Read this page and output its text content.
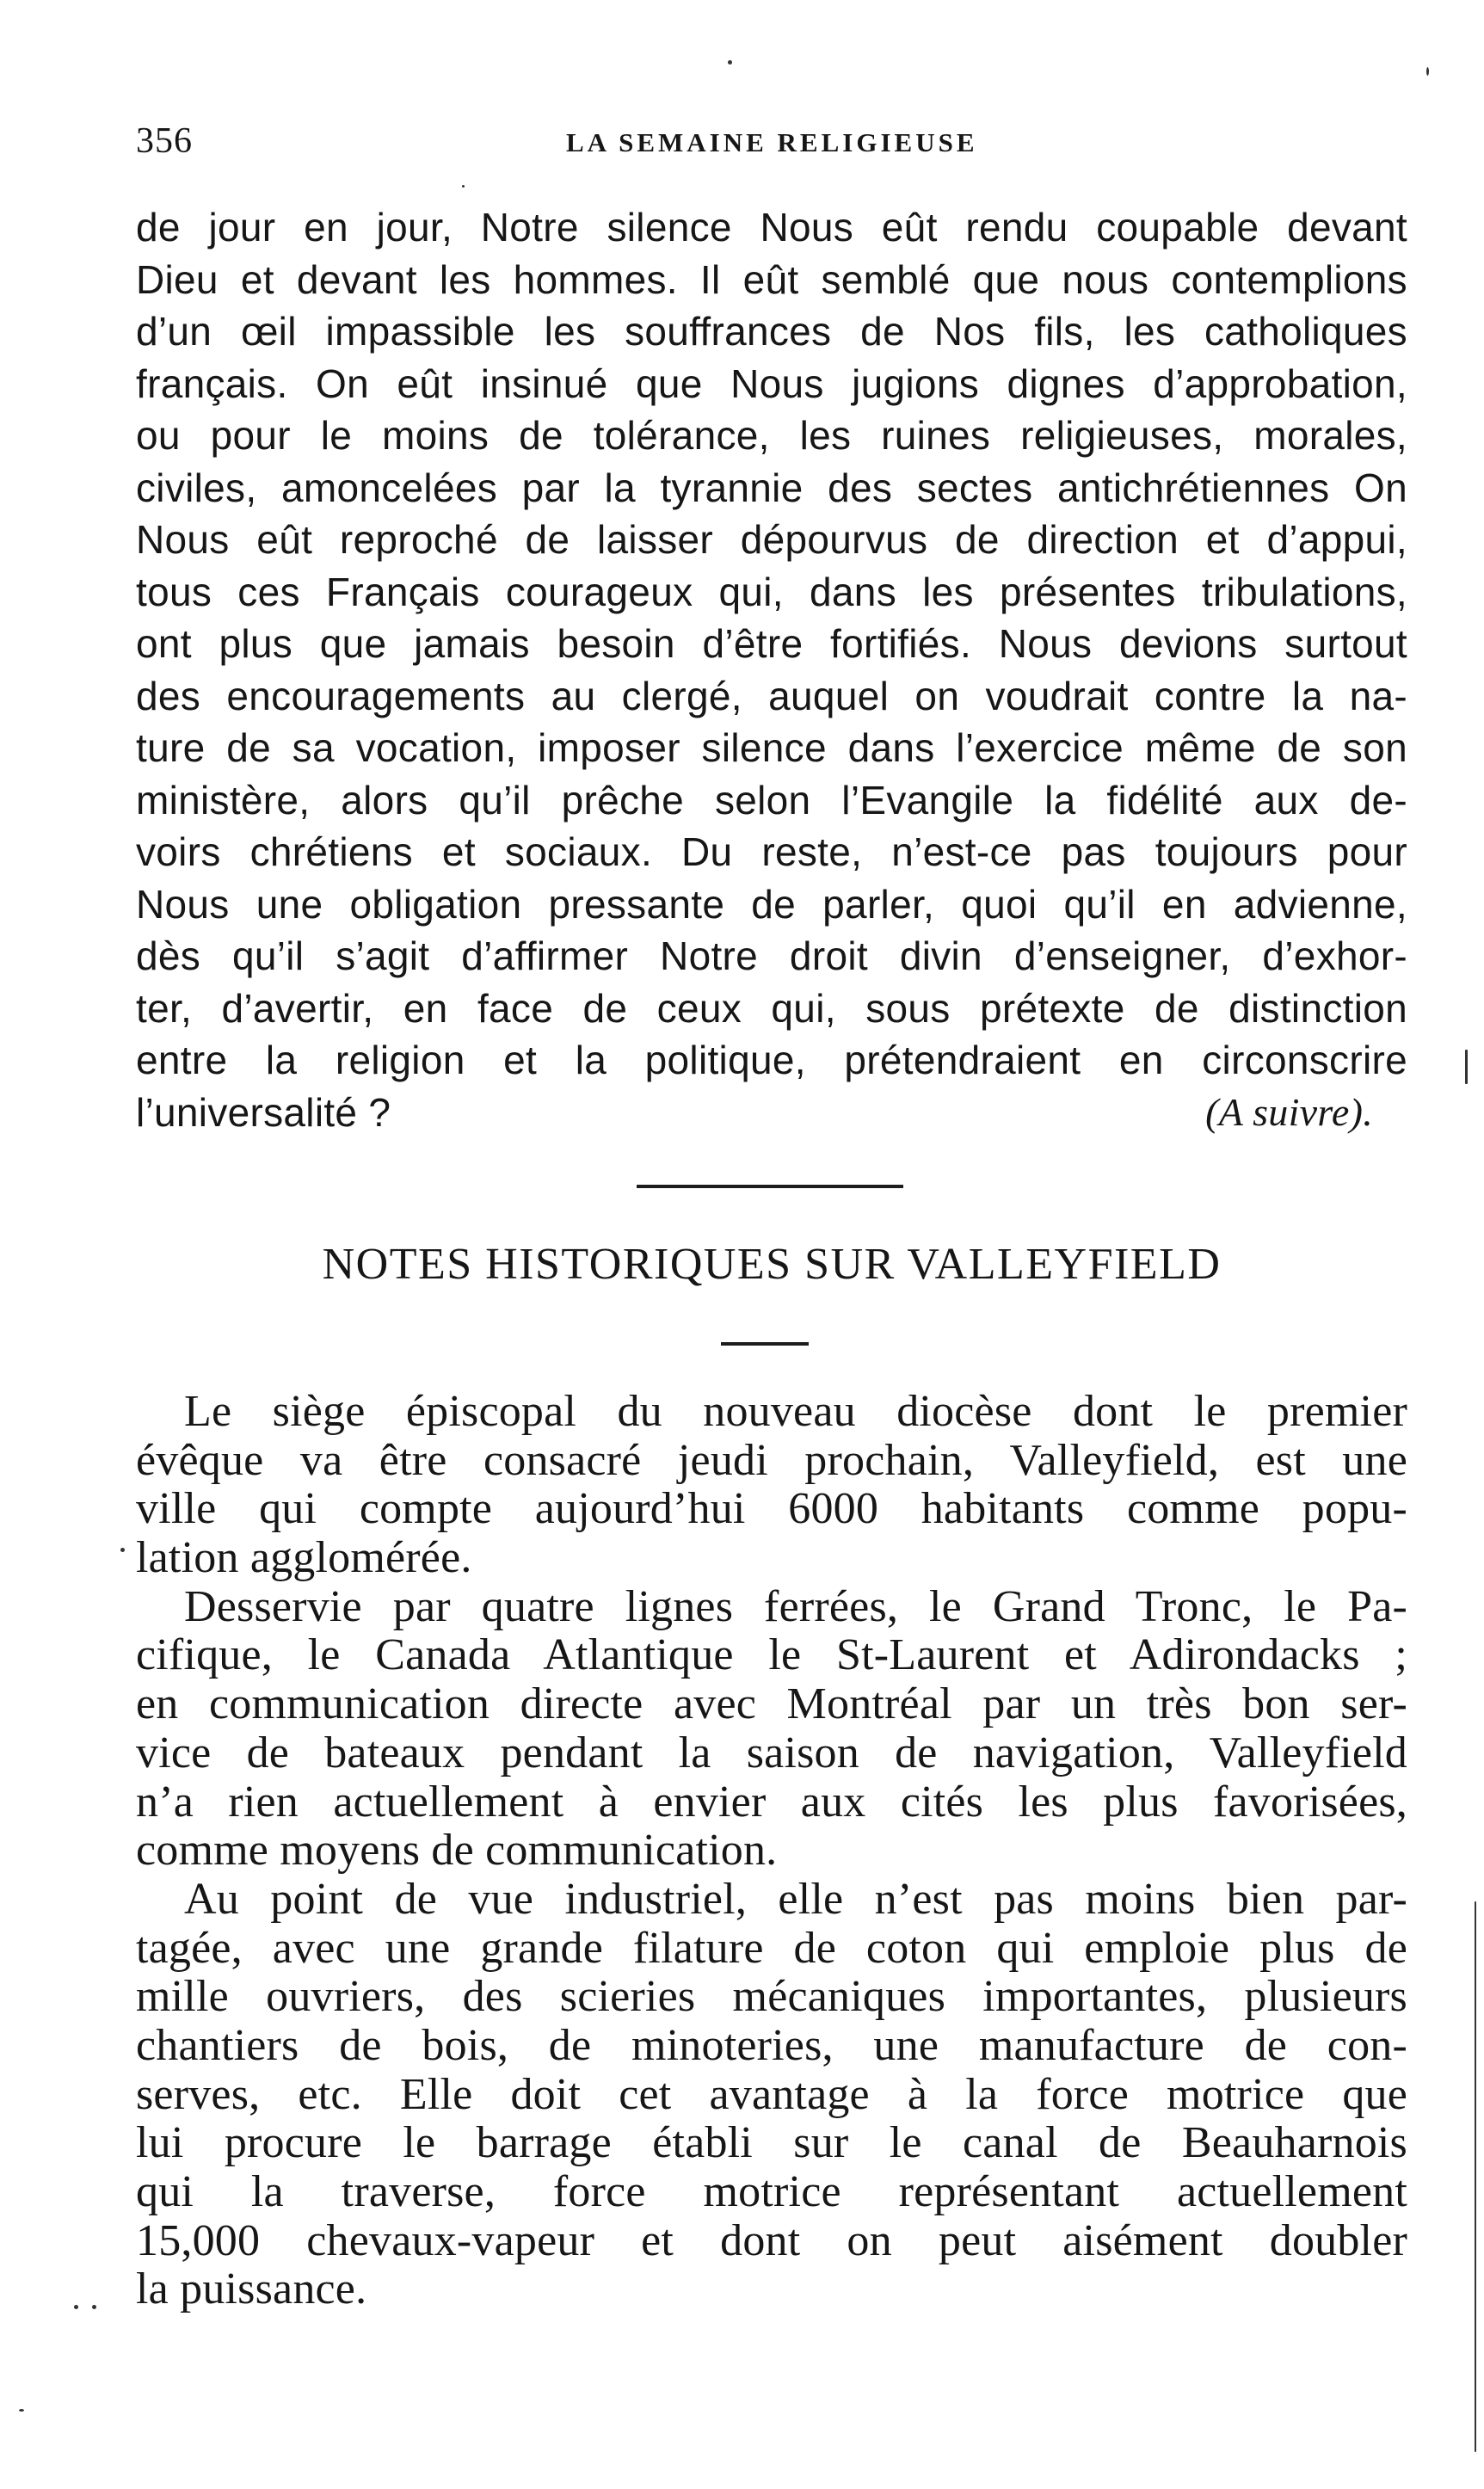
356	LA SEMAINE RELIGIEUSE
de jour en jour, Notre silence Nous eût rendu coupable devant
Dieu et devant les hommes. Il eût semblé que nous contemplions
d’un œil impassible les souffrances de Nos fils, les catholiques
français. On eût insinué que Nous jugions dignes d’approbation,
ou pour le moins de tolérance, les ruines religieuses, morales,
civiles, amoncelées par la tyrannie des sectes antichrétiennes On
Nous eût reproché de laisser dépourvus de direction et d’appui,
tous ces Français courageux qui, dans les présentes tribulations,
ont plus que jamais besoin d’être fortifiés. Nous devions surtout
des encouragements au clergé, auquel on voudrait contre la na-
ture de sa vocation, imposer silence dans l’exercice même de son
ministère, alors qu’il prêche selon l’Evangile la fidélité aux de-
voirs chrétiens et sociaux. Du reste, n’est-ce pas toujours pour
Nous une obligation pressante de parler, quoi qu’il en advienne,
dès qu’il s’agit d’affirmer Notre droit divin d’enseigner, d’exhor-
ter, d’avertir, en face de ceux qui, sous prétexte de distinction
entre la religion et la politique, prétendraient en circonscrire
l’universalité ?	(A suivre).
NOTES HISTORIQUES SUR VALLEYFIELD
Le siège épiscopal du nouveau diocèse dont le premier
évêque va être consacré jeudi prochain, Valleyfield, est une
ville qui compte aujourd’hui 6000 habitants comme popu-
lation agglomérée.
Desservie par quatre lignes ferrées, le Grand Tronc, le Pa-
cifique, le Canada Atlantique le St-Laurent et Adirondacks ;
en communication directe avec Montréal par un très bon ser-
vice de bateaux pendant la saison de navigation, Valleyfield
n’a rien actuellement à envier aux cités les plus favorisées,
comme moyens de communication.
Au point de vue industriel, elle n’est pas moins bien par-
tagée, avec une grande filature de coton qui emploie plus de
mille ouvriers, des scieries mécaniques importantes, plusieurs
chantiers de bois, de minoteries, une manufacture de con-
serves, etc. Elle doit cet avantage à la force motrice que
lui procure le barrage établi sur le canal de Beauharnois
qui la traverse, force motrice représentant actuellement
15,000 chevaux-vapeur et dont on peut aisément doubler
la puissance.
